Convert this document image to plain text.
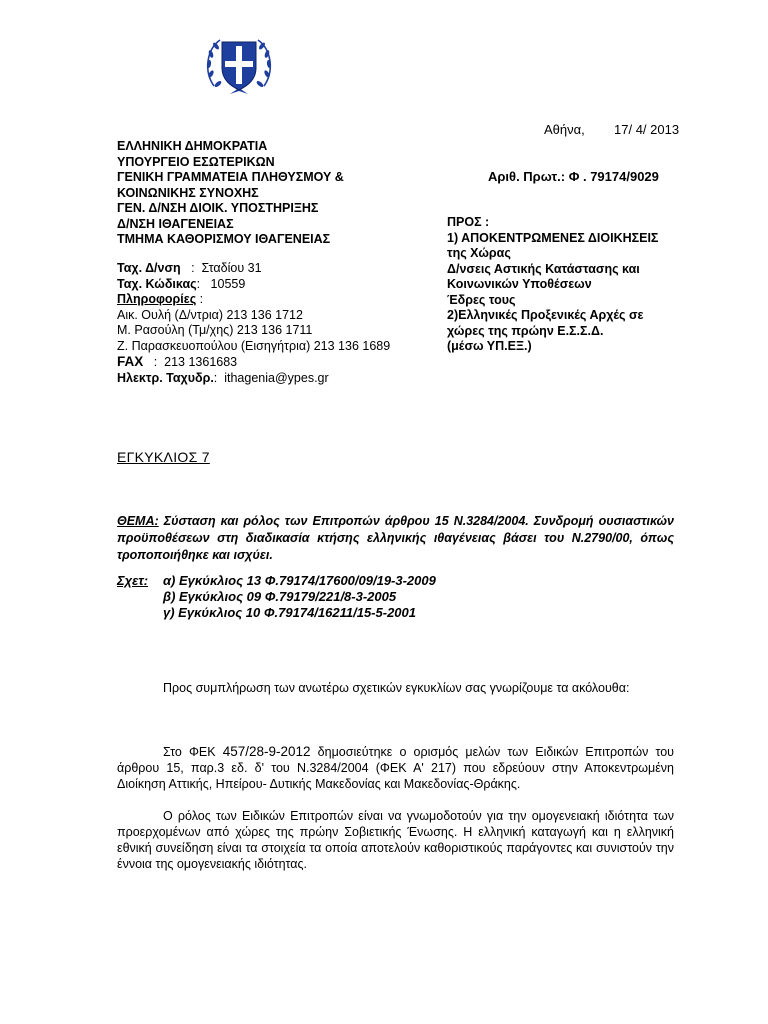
Αθήνα, 17/ 4/ 2013
ΕΛΛΗΝΙΚΗ ΔΗΜΟΚΡΑΤΙΑ
ΥΠΟΥΡΓΕΙΟ ΕΣΩΤΕΡΙΚΩΝ
ΓΕΝΙΚΗ ΓΡΑΜΜΑΤΕΙΑ ΠΛΗΘΥΣΜΟΥ &
ΚΟΙΝΩΝΙΚΗΣ ΣΥΝΟΧΗΣ
ΓΕΝ. Δ/ΝΣΗ ΔΙΟΙΚ. ΥΠΟΣΤΗΡΙΞΗΣ
Δ/ΝΣΗ ΙΘΑΓΕΝΕΙΑΣ
ΤΜΗΜΑ ΚΑΘΟΡΙΣΜΟΥ ΙΘΑΓΕΝΕΙΑΣ
Αριθ. Πρωτ.: Φ . 79174/9029
ΠΡΟΣ :
1) ΑΠΟΚΕΝΤΡΩΜΕΝΕΣ ΔΙΟΙΚΗΣΕΙΣ
της Χώρας
Δ/νσεις Αστικής Κατάστασης και
Κοινωνικών Υποθέσεων
Έδρες τους
2)Ελληνικές Προξενικές Αρχές σε
χώρες της πρώην Ε.Σ.Σ.Δ.
(μέσω ΥΠ.ΕΞ.)
Ταχ. Δ/νση   :  Σταδίου 31
Ταχ. Κώδικας:   10559
Πληροφορίες :
Αικ. Ουλή (Δ/ντρια) 213 136 1712
Μ. Ρασούλη (Τμ/χης) 213 136 1711
Ζ. Παρασκευοπούλου (Εισηγήτρια) 213 136 1689
FAX   :  213 1361683
Ηλεκτρ. Ταχυδρ.:  ithagenia@ypes.gr
ΕΓΚΥΚΛΙΟΣ 7
ΘΕΜΑ: Σύσταση και ρόλος των Επιτροπών άρθρου 15 Ν.3284/2004. Συνδρομή ουσιαστικών προϋποθέσεων στη διαδικασία κτήσης ελληνικής ιθαγένειας βάσει του Ν.2790/00, όπως τροποποιήθηκε και ισχύει.
Σχετ: α) Εγκύκλιος 13 Φ.79174/17600/09/19-3-2009
β) Εγκύκλιος 09 Φ.79179/221/8-3-2005
γ) Εγκύκλιος 10 Φ.79174/16211/15-5-2001
Προς συμπλήρωση των ανωτέρω σχετικών εγκυκλίων σας γνωρίζουμε τα ακόλουθα:
Στο ΦΕΚ 457/28-9-2012 δημοσιεύτηκε ο ορισμός μελών των Ειδικών Επιτροπών του άρθρου 15, παρ.3 εδ. δ' του Ν.3284/2004 (ΦΕΚ Α' 217) που εδρεύουν στην Αποκεντρωμένη Διοίκηση Αττικής, Ηπείρου- Δυτικής Μακεδονίας και Μακεδονίας-Θράκης.
Ο ρόλος των Ειδικών Επιτροπών είναι να γνωμοδοτούν για την ομογενειακή ιδιότητα των προερχομένων από χώρες της πρώην Σοβιετικής Ένωσης. Η ελληνική καταγωγή και η ελληνική εθνική συνείδηση είναι τα στοιχεία τα οποία αποτελούν καθοριστικούς παράγοντες και συνιστούν την έννοια της ομογενειακής ιδιότητας.
